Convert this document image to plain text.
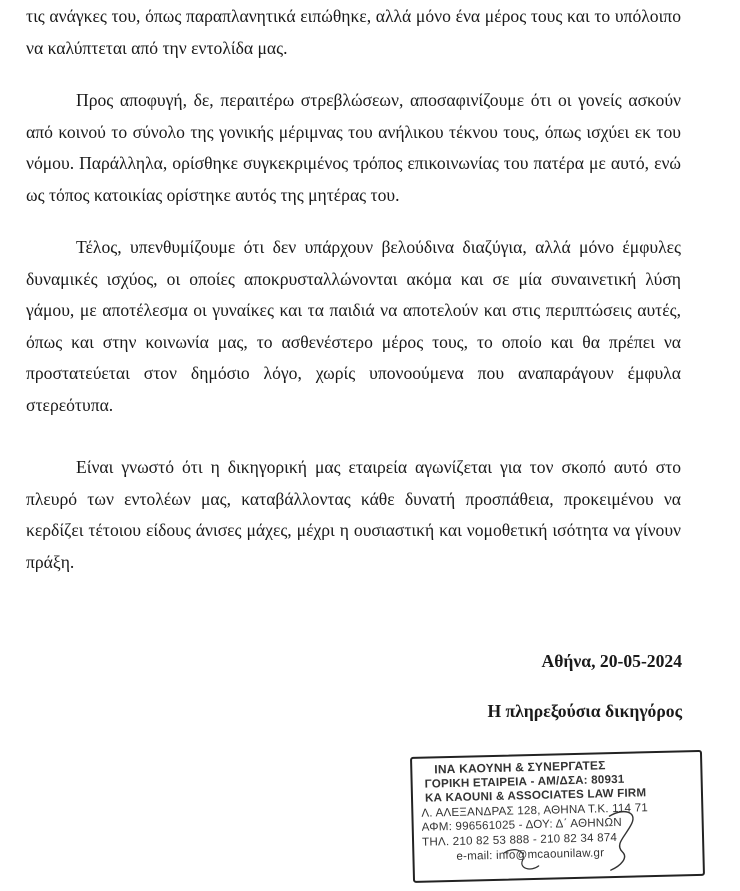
τις ανάγκες του, όπως παραπλανητικά ειπώθηκε, αλλά μόνο ένα μέρος τους και το υπόλοιπο να καλύπτεται από την εντολίδα μας.

Προς αποφυγή, δε, περαιτέρω στρεβλώσεων, αποσαφινίζουμε ότι οι γονείς ασκούν από κοινού το σύνολο της γονικής μέριμνας του ανήλικου τέκνου τους, όπως ισχύει εκ του νόμου. Παράλληλα, ορίσθηκε συγκεκριμένος τρόπος επικοινωνίας του πατέρα με αυτό, ενώ ως τόπος κατοικίας ορίστηκε αυτός της μητέρας του.

Τέλος, υπενθυμίζουμε ότι δεν υπάρχουν βελούδινα διαζύγια, αλλά μόνο έμφυλες δυναμικές ισχύος, οι οποίες αποκρυσταλλώνονται ακόμα και σε μία συναινετική λύση γάμου, με αποτέλεσμα οι γυναίκες και τα παιδιά να αποτελούν και στις περιπτώσεις αυτές, όπως και στην κοινωνία μας, το ασθενέστερο μέρος τους, το οποίο και θα πρέπει να προστατεύεται στον δημόσιο λόγο, χωρίς υπονοούμενα που αναπαράγουν έμφυλα στερεότυπα.

Είναι γνωστό ότι η δικηγορική μας εταιρεία αγωνίζεται για τον σκοπό αυτό στο πλευρό των εντολέων μας, καταβάλλοντας κάθε δυνατή προσπάθεια, προκειμένου να κερδίζει τέτοιου είδους άνισες μάχες, μέχρι η ουσιαστική και νομοθετική ισότητα να γίνουν πράξη.

Αθήνα, 20-05-2024
Η πληρεξούσια δικηγόρος
ΙΝΑ ΚΑΟΥΝΗ & ΣΥΝΕΡΓΑΤΕΣ
ΓΟΡΙΚΗ ΕΤΑΙΡΕΙΑ - ΑΜ/ΔΣΑ: 80931
ΚΑ KAOUNI & ASSOCIATES LAW FIRM
Λ. ΑΛΕΞΑΝΔΡΑΣ 128, ΑΘΗΝΑ Τ.Κ. 114 71
ΑΦΜ: 996561025 - ΔΟΥ: Δ΄ ΑΘΗΝΩΝ
ΤΗΛ. 210 82 53 888 - 210 82 34 874
e-mail: info@mcaounilaw.gr
